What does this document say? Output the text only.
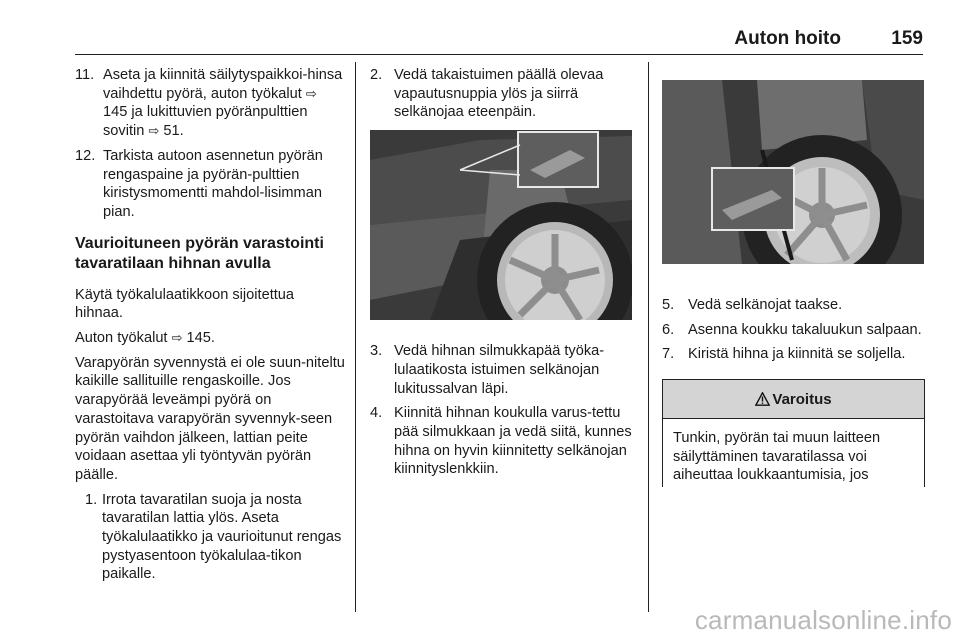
Auton hoito	159
11. Aseta ja kiinnitä säilytyspaikkoi-hinsa vaihdettu pyörä, auton työkalut ⇨ 145 ja lukittuvien pyöränpulttien sovitin ⇨ 51.
12. Tarkista autoon asennetun pyörän rengaspaine ja pyörän-pulttien kiristysmomentti mahdol-lisimman pian.
Vaurioituneen pyörän varastointi tavaratilaan hihnan avulla

Käytä työkalulaatikkoon sijoitettua hihnaa.

Auton työkalut ⇨ 145.

Varapyörän syvennystä ei ole suun-niteltu kaikille sallituille rengaskoille. Jos varapyörää leveämpi pyörä on varastoitava varapyörän syvennyk-seen pyörän vaihdon jälkeen, lattian peite voidaan asettaa yli työntyvän pyörän päälle.

1. Irrota tavaratilan suoja ja nosta tavaratilan lattia ylös. Aseta työkalulaatikko ja vaurioitunut rengas pystyasentoon työkalulaa-tikon paikalle.
2. Vedä takaistuimen päällä olevaa vapautusnuppia ylös ja siirrä selkänojaa eteenpäin.
3. Vedä hihnan silmukkapää työka-lulaatikosta istuimen selkänojan lukitussalvan läpi.
4. Kiinnitä hihnan koukulla varus-tettu pää silmukkaan ja vedä siitä, kunnes hihna on hyvin kiinnitetty selkänojan kiinnityslenkkiin.
5. Vedä selkänojat taakse.
6. Asenna koukku takaluukun salpaan.
7. Kiristä hihna ja kiinnitä se soljella.
Varoitus
Tunkin, pyörän tai muun laitteen säilyttäminen tavaratilassa voi aiheuttaa loukkaantumisia, jos
carmanualsonline.info
